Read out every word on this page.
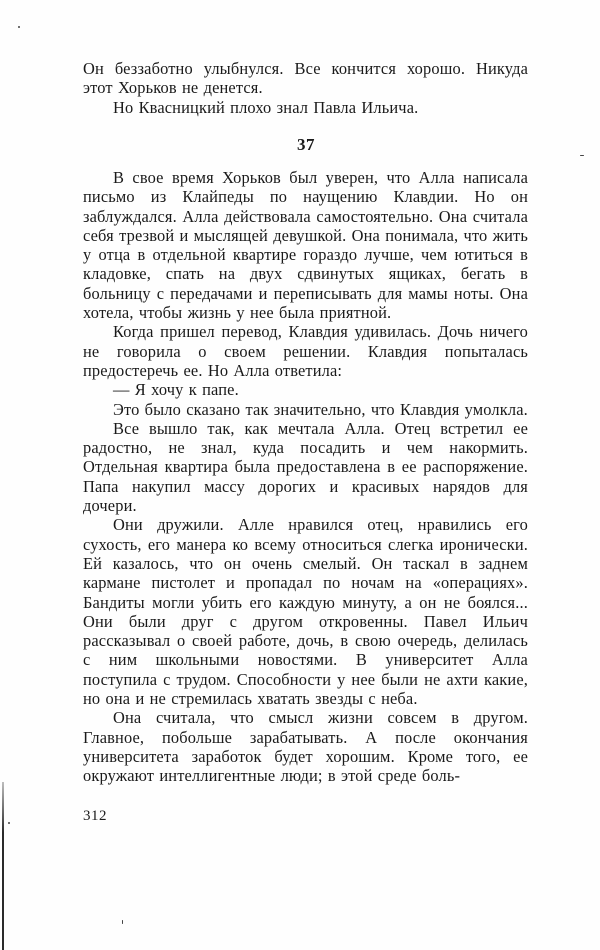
Он беззаботно улыбнулся. Все кончится хорошо. Никуда этот Хорьков не денется.

Но Квасницкий плохо знал Павла Ильича.

37

В свое время Хорьков был уверен, что Алла написала письмо из Клайпеды по наущению Клавдии. Но он заблуждался. Алла действовала самостоятельно. Она считала себя трезвой и мыслящей девушкой. Она понимала, что жить у отца в отдельной квартире гораздо лучше, чем ютиться в кладовке, спать на двух сдвинутых ящиках, бегать в больницу с передачами и переписывать для мамы ноты. Она хотела, чтобы жизнь у нее была приятной.

Когда пришел перевод, Клавдия удивилась. Дочь ничего не говорила о своем решении. Клавдия попыталась предостеречь ее. Но Алла ответила:

— Я хочу к папе.

Это было сказано так значительно, что Клавдия умолкла.

Все вышло так, как мечтала Алла. Отец встретил ее радостно, не знал, куда посадить и чем накормить. Отдельная квартира была предоставлена в ее распоряжение. Папа накупил массу дорогих и красивых нарядов для дочери.

Они дружили. Алле нравился отец, нравились его сухость, его манера ко всему относиться слегка иронически. Ей казалось, что он очень смелый. Он таскал в заднем кармане пистолет и пропадал по ночам на «операциях». Бандиты могли убить его каждую минуту, а он не боялся... Они были друг с другом откровенны. Павел Ильич рассказывал о своей работе, дочь, в свою очередь, делилась с ним школьными новостями. В университет Алла поступила с трудом. Способности у нее были не ахти какие, но она и не стремилась хватать звезды с неба.

Она считала, что смысл жизни совсем в другом. Главное, побольше зарабатывать. А после окончания университета заработок будет хорошим. Кроме того, ее окружают интеллигентные люди; в этой среде боль-

312
